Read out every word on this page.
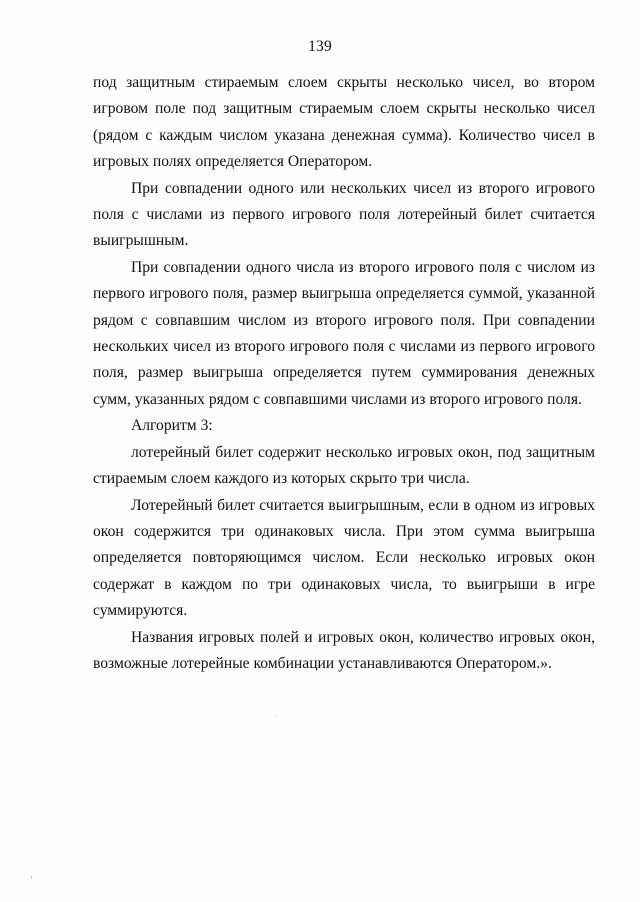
139

под защитным стираемым слоем скрыты несколько чисел, во втором игровом поле под защитным стираемым слоем скрыты несколько чисел (рядом с каждым числом указана денежная сумма). Количество чисел в игровых полях определяется Оператором.

При совпадении одного или нескольких чисел из второго игрового поля с числами из первого игрового поля лотерейный билет считается выигрышным.

При совпадении одного числа из второго игрового поля с числом из первого игрового поля, размер выигрыша определяется суммой, указанной рядом с совпавшим числом из второго игрового поля. При совпадении нескольких чисел из второго игрового поля с числами из первого игрового поля, размер выигрыша определяется путем суммирования денежных сумм, указанных рядом с совпавшими числами из второго игрового поля.

Алгоритм 3:

лотерейный билет содержит несколько игровых окон, под защитным стираемым слоем каждого из которых скрыто три числа.

Лотерейный билет считается выигрышным, если в одном из игровых окон содержится три одинаковых числа. При этом сумма выигрыша определяется повторяющимся числом. Если несколько игровых окон содержат в каждом по три одинаковых числа, то выигрыши в игре суммируются.

Названия игровых полей и игровых окон, количество игровых окон, возможные лотерейные комбинации устанавливаются Оператором.».
